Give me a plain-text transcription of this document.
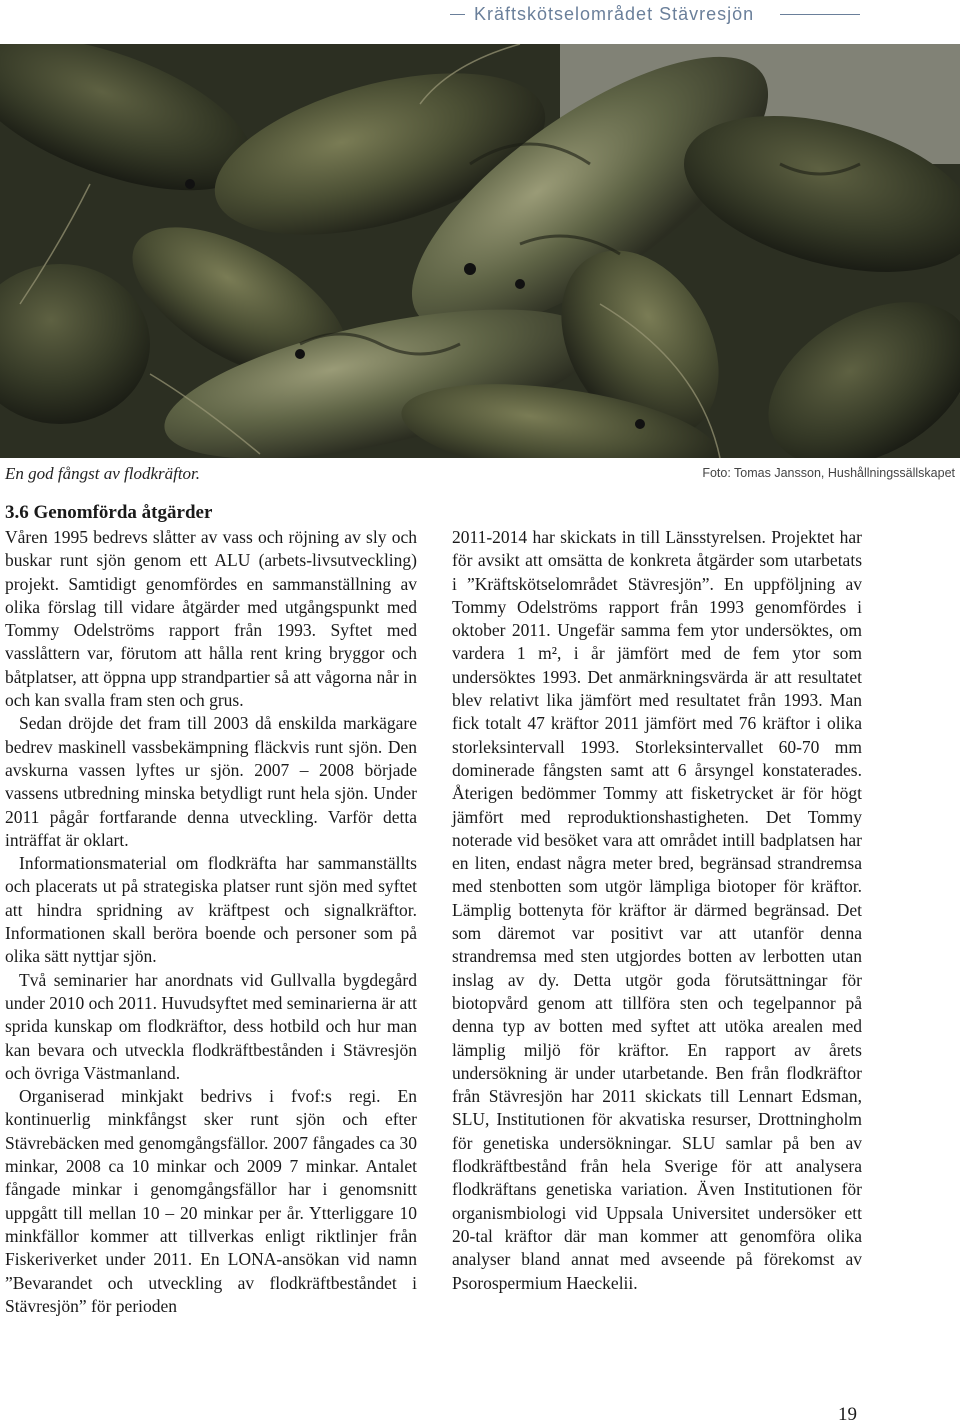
Kräftskötselområdet Stävresjön
En god fångst av flodkräftor.	Foto: Tomas Jansson, Hushållningssällskapet
3.6 Genomförda åtgärder

Våren 1995 bedrevs slåtter av vass och röjning av sly och buskar runt sjön genom ett ALU (arbets-livsutveckling) projekt. Samtidigt genomfördes en sammanställning av olika förslag till vidare åtgärder med utgångspunkt med Tommy Odelströms rapport från 1993. Syftet med vasslåttern var, förutom att hålla rent kring bryggor och båtplatser, att öppna upp strandpartier så att vågorna når in och kan svalla fram sten och grus.

Sedan dröjde det fram till 2003 då enskilda markägare bedrev maskinell vassbekämpning fläckvis runt sjön. Den avskurna vassen lyftes ur sjön. 2007 – 2008 började vassens utbredning minska betydligt runt hela sjön. Under 2011 pågår fortfarande denna utveckling. Varför detta inträffat är oklart.

Informationsmaterial om flodkräfta har sammanställts och placerats ut på strategiska platser runt sjön med syftet att hindra spridning av kräftpest och signalkräftor. Informationen skall beröra boende och personer som på olika sätt nyttjar sjön.

Två seminarier har anordnats vid Gullvalla bygdegård under 2010 och 2011. Huvudsyftet med seminarierna är att sprida kunskap om flodkräftor, dess hotbild och hur man kan bevara och utveckla flodkräftbestånden i Stävresjön och övriga Västmanland.

Organiserad minkjakt bedrivs i fvof:s regi. En kontinuerlig minkfångst sker runt sjön och efter Stävrebäcken med genomgångsfällor. 2007 fångades ca 30 minkar, 2008 ca 10 minkar och 2009 7 minkar. Antalet fångade minkar i genomgångsfällor har i genomsnitt uppgått till mellan 10 – 20 minkar per år. Ytterliggare 10 minkfällor kommer att tillverkas enligt riktlinjer från Fiskeriverket under 2011. En LONA-ansökan vid namn ”Bevarandet och utveckling av flodkräftbeståndet i Stävresjön” för perioden

2011-2014 har skickats in till Länsstyrelsen. Projektet har för avsikt att omsätta de konkreta åtgärder som utarbetats i ”Kräftskötselområdet Stävresjön”. En uppföljning av Tommy Odelströms rapport från 1993 genomfördes i oktober 2011. Ungefär samma fem ytor undersöktes, om vardera 1 m², i år jämfört med de fem ytor som undersöktes 1993. Det anmärkningsvärda är att resultatet blev relativt lika jämfört med resultatet från 1993. Man fick totalt 47 kräftor 2011 jämfört med 76 kräftor i olika storleksintervall 1993. Storleksintervallet 60-70 mm dominerade fångsten samt att 6 årsyngel konstaterades. Återigen bedömmer Tommy att fisketrycket är för högt jämfört med reproduktionshastigheten. Det Tommy noterade vid besöket vara att området intill badplatsen har en liten, endast några meter bred, begränsad strandremsa med stenbotten som utgör lämpliga biotoper för kräftor. Lämplig bottenyta för kräftor är därmed begränsad. Det som däremot var positivt var att utanför denna strandremsa med sten utgjordes botten av lerbotten utan inslag av dy. Detta utgör goda förutsättningar för biotopvård genom att tillföra sten och tegelpannor på denna typ av botten med syftet att utöka arealen med lämplig miljö för kräftor. En rapport av årets undersökning är under utarbetande. Ben från flodkräftor från Stävresjön har 2011 skickats till Lennart Edsman, SLU, Institutionen för akvatiska resurser, Drottningholm för genetiska undersökningar. SLU samlar på ben av flodkräftbestånd från hela Sverige för att analysera flodkräftans genetiska variation. Även Institutionen för organismbiologi vid Uppsala Universitet undersöker ett 20-tal kräftor där man kommer att genomföra olika analyser bland annat med avseende på förekomst av Psorospermium Haeckelii.

19
